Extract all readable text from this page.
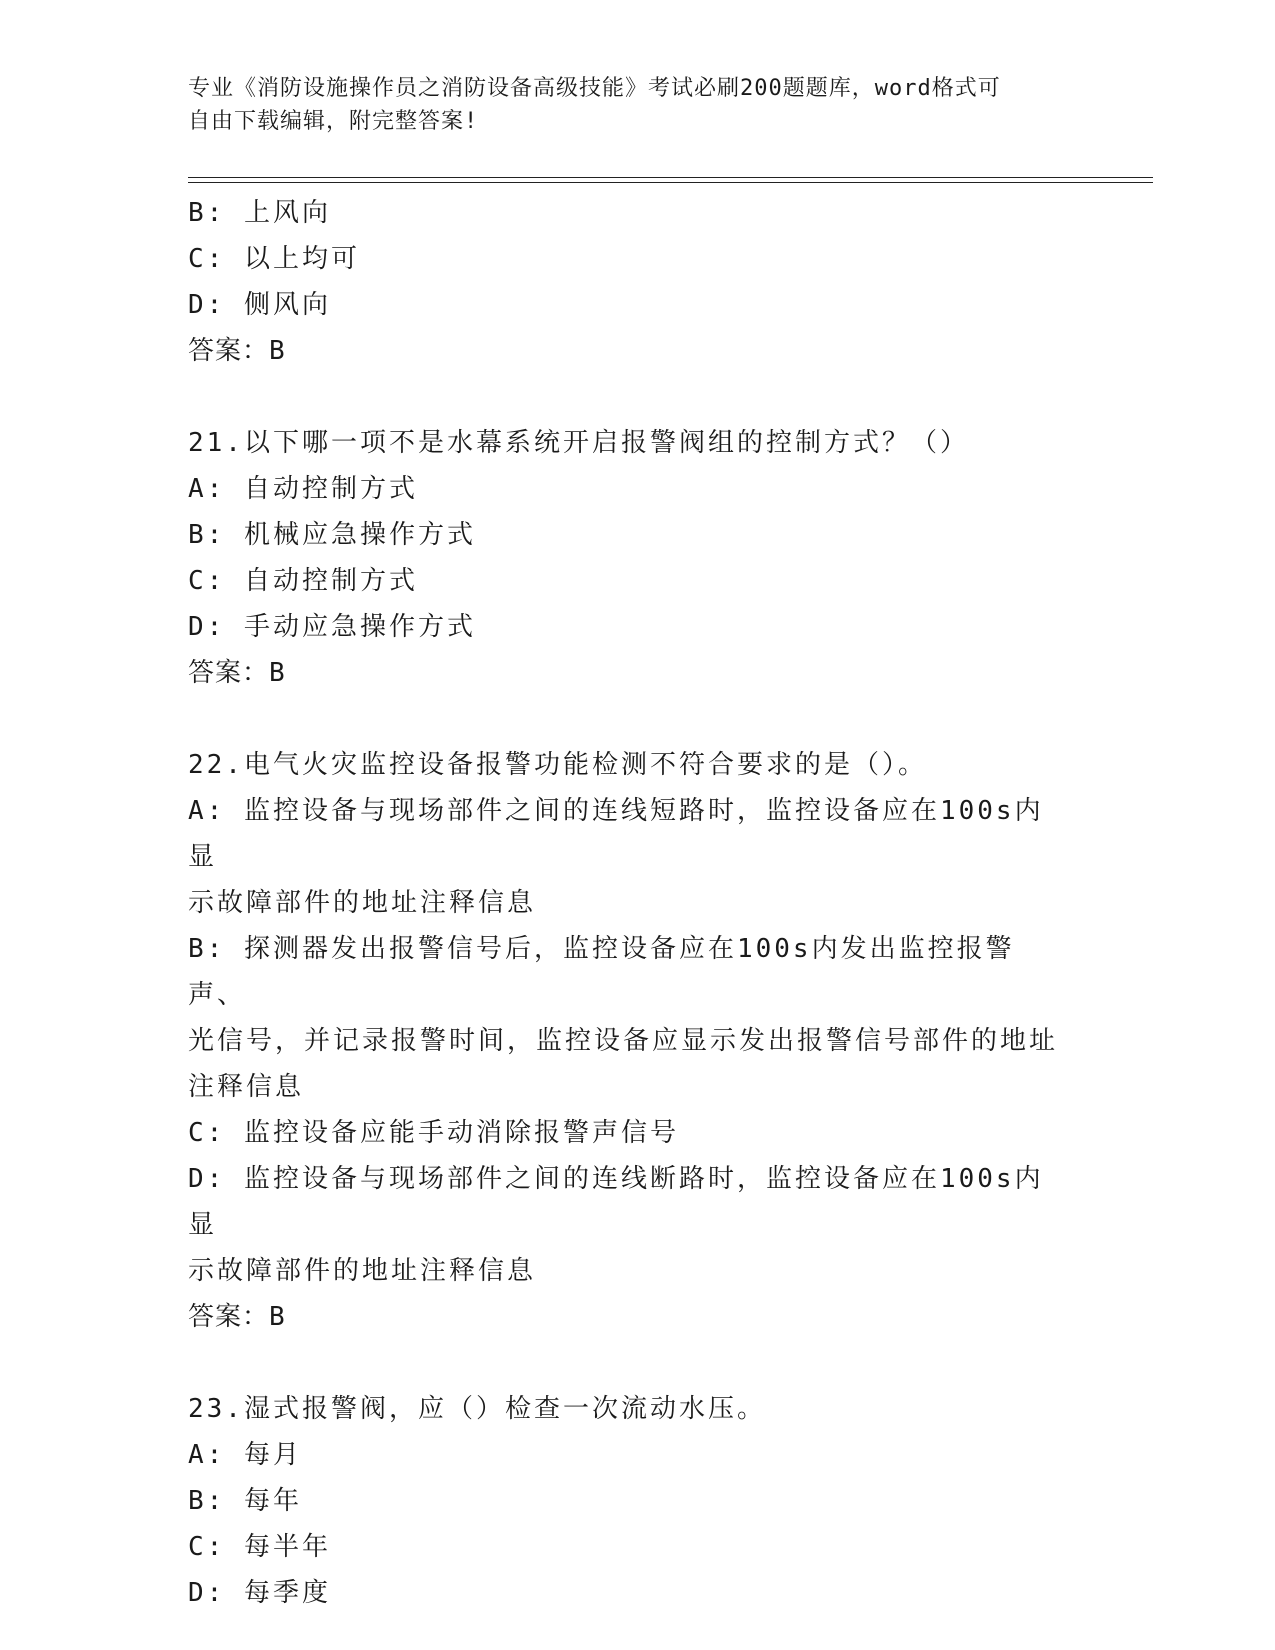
专业《消防设施操作员之消防设备高级技能》考试必刷200题题库，word格式可
自由下载编辑，附完整答案!
B: 上风向
C: 以上均可
D: 侧风向
答案：B
21.以下哪一项不是水幕系统开启报警阀组的控制方式？（）
A: 自动控制方式
B: 机械应急操作方式
C: 自动控制方式
D: 手动应急操作方式
答案：B
22.电气火灾监控设备报警功能检测不符合要求的是（）。
A: 监控设备与现场部件之间的连线短路时，监控设备应在100s内显
示故障部件的地址注释信息
B: 探测器发出报警信号后，监控设备应在100s内发出监控报警声、
光信号，并记录报警时间，监控设备应显示发出报警信号部件的地址
注释信息
C: 监控设备应能手动消除报警声信号
D: 监控设备与现场部件之间的连线断路时，监控设备应在100s内显
示故障部件的地址注释信息
答案：B
23.湿式报警阀，应（）检查一次流动水压。
A: 每月
B: 每年
C: 每半年
D: 每季度
